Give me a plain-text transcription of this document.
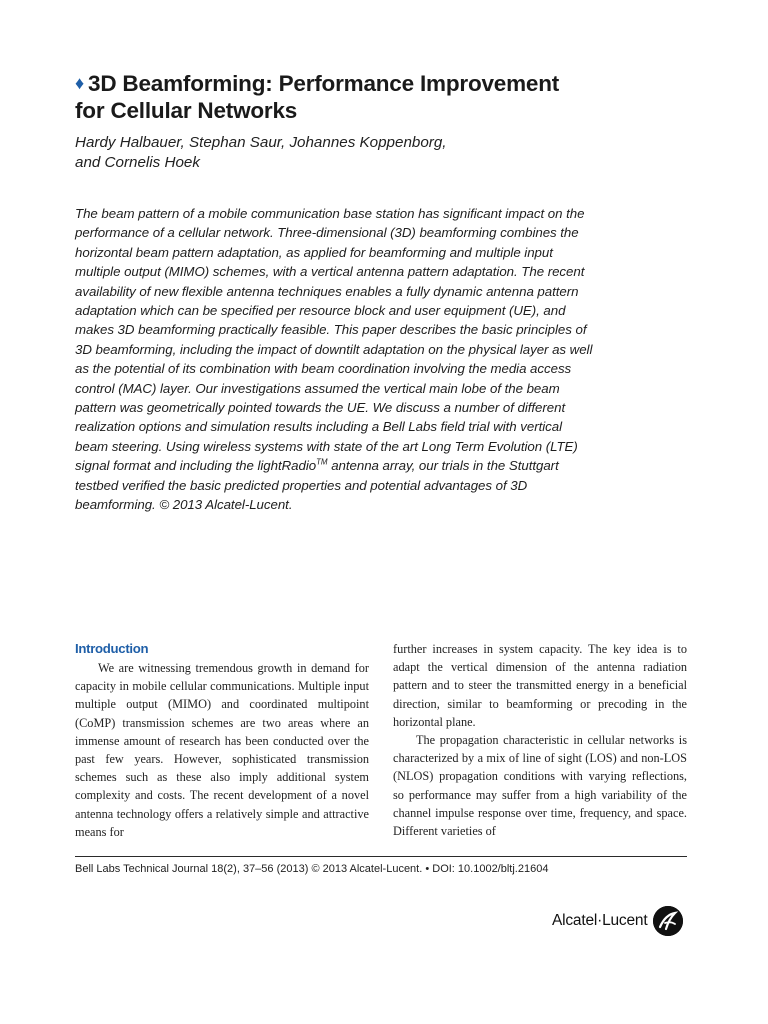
♦ 3D Beamforming: Performance Improvement
for Cellular Networks
Hardy Halbauer, Stephan Saur, Johannes Koppenborg,
and Cornelis Hoek
The beam pattern of a mobile communication base station has significant impact on the performance of a cellular network. Three-dimensional (3D) beamforming combines the horizontal beam pattern adaptation, as applied for beamforming and multiple input multiple output (MIMO) schemes, with a vertical antenna pattern adaptation. The recent availability of new flexible antenna techniques enables a fully dynamic antenna pattern adaptation which can be specified per resource block and user equipment (UE), and makes 3D beamforming practically feasible. This paper describes the basic principles of 3D beamforming, including the impact of downtilt adaptation on the physical layer as well as the potential of its combination with beam coordination involving the media access control (MAC) layer. Our investigations assumed the vertical main lobe of the beam pattern was geometrically pointed towards the UE. We discuss a number of different realization options and simulation results including a Bell Labs field trial with vertical beam steering. Using wireless systems with state of the art Long Term Evolution (LTE) signal format and including the lightRadio™ antenna array, our trials in the Stuttgart testbed verified the basic predicted properties and potential advantages of 3D beamforming. © 2013 Alcatel-Lucent.
Introduction

We are witnessing tremendous growth in demand for capacity in mobile cellular communications. Multiple input multiple output (MIMO) and coordinated multipoint (CoMP) transmission schemes are two areas where an immense amount of research has been conducted over the past few years. However, sophisticated transmission schemes such as these also imply additional system complexity and costs. The recent development of a novel antenna technology offers a relatively simple and attractive means for

further increases in system capacity. The key idea is to adapt the vertical dimension of the antenna radiation pattern and to steer the transmitted energy in a beneficial direction, similar to beamforming or precoding in the horizontal plane.

The propagation characteristic in cellular networks is characterized by a mix of line of sight (LOS) and non-LOS (NLOS) propagation conditions with varying reflections, so performance may suffer from a high variability of the channel impulse response over time, frequency, and space. Different varieties of

Bell Labs Technical Journal 18(2), 37–56 (2013) © 2013 Alcatel-Lucent. • DOI: 10.1002/bltj.21604
Alcatel·Lucent
